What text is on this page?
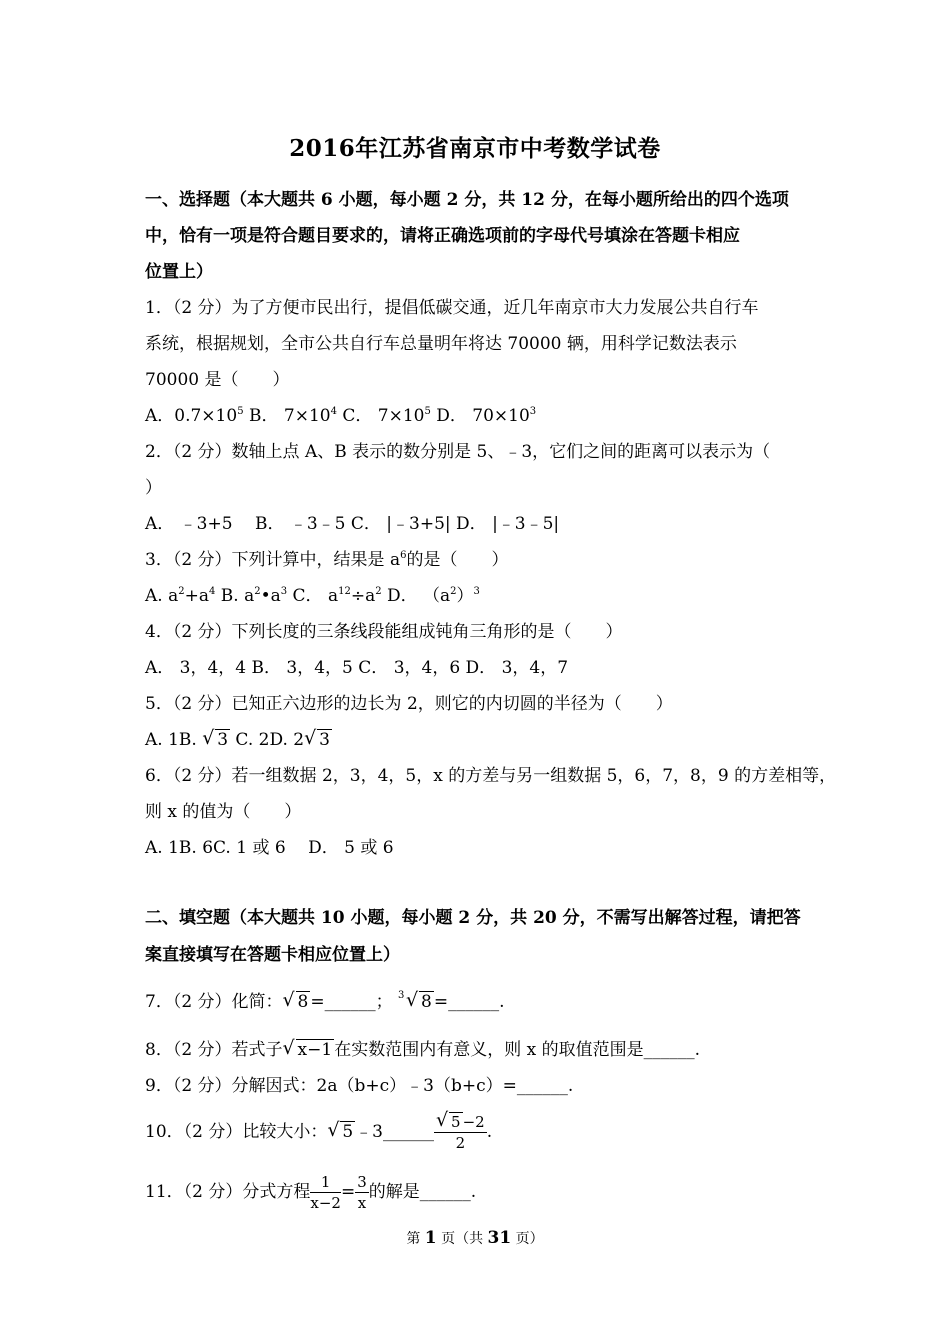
2016年江苏省南京市中考数学试卷
一、选择题（本大题共 6 小题，每小题 2 分，共 12 分，在每小题所给出的四个选项
中，恰有一项是符合题目要求的，请将正确选项前的字母代号填涂在答题卡相应
位置上）
1．（2 分）为了方便市民出行，提倡低碳交通，近几年南京市大力发展公共自行车
系统，根据规划，全市公共自行车总量明年将达 70000 辆，用科学记数法表示
70000 是（　　）
A．$0.7\times 10^5$ B． $7\times 10^4$ C． $7\times 10^5$ D． $70\times 10^3$
2．（2 分）数轴上点 A、B 表示的数分别是 5、﹣3，它们之间的距离可以表示为（
）
A． ﹣3+5　 B． ﹣3﹣5 C． |﹣3+5| D． |﹣3﹣5|
3．（2 分）下列计算中，结果是 $a^6$的是（　　）
A. $a^2+a^4$ B. $a^2•a^3$ C． $a^{12}\div a^2$ D． $(a^2)^3$
4．（2 分）下列长度的三条线段能组成钝角三角形的是（　　）
A． 3，4，4 B． 3，4，5 C． 3，4，6 D． 3，4，7
5．（2 分）已知正六边形的边长为 2，则它的内切圆的半径为（　　）
A. 1B. √ 3 C. 2D. 2 √ 3
6．（2 分）若一组数据 2，3，4，5，x 的方差与另一组数据 5，6，7，8，9 的方差相等，
则 x 的值为（　　）
A. 1B. 6C. 1 或 6　 D． 5 或 6
二、填空题（本大题共 10 小题，每小题 2 分，共 20 分，不需写出解答过程，请把答
案直接填写在答题卡相应位置上）
7．（2 分）化简： √ 8 =______； 3 √ 8 =______.
8．（2 分）若式子 √ x−1 在实数范围内有意义，则 x 的取值范围是______.
9．（2 分）分解因式：2a（b+c）﹣3（b+c）=______.
10．（2 分）比较大小： √ 5 ﹣3______ $\frac{√ 5 -2}{2}$ .
11．（2 分）分式方程 $\frac{1}{x-2} = \frac{3}{x}$ 的解是______.
第 1 页（共 31 页）
